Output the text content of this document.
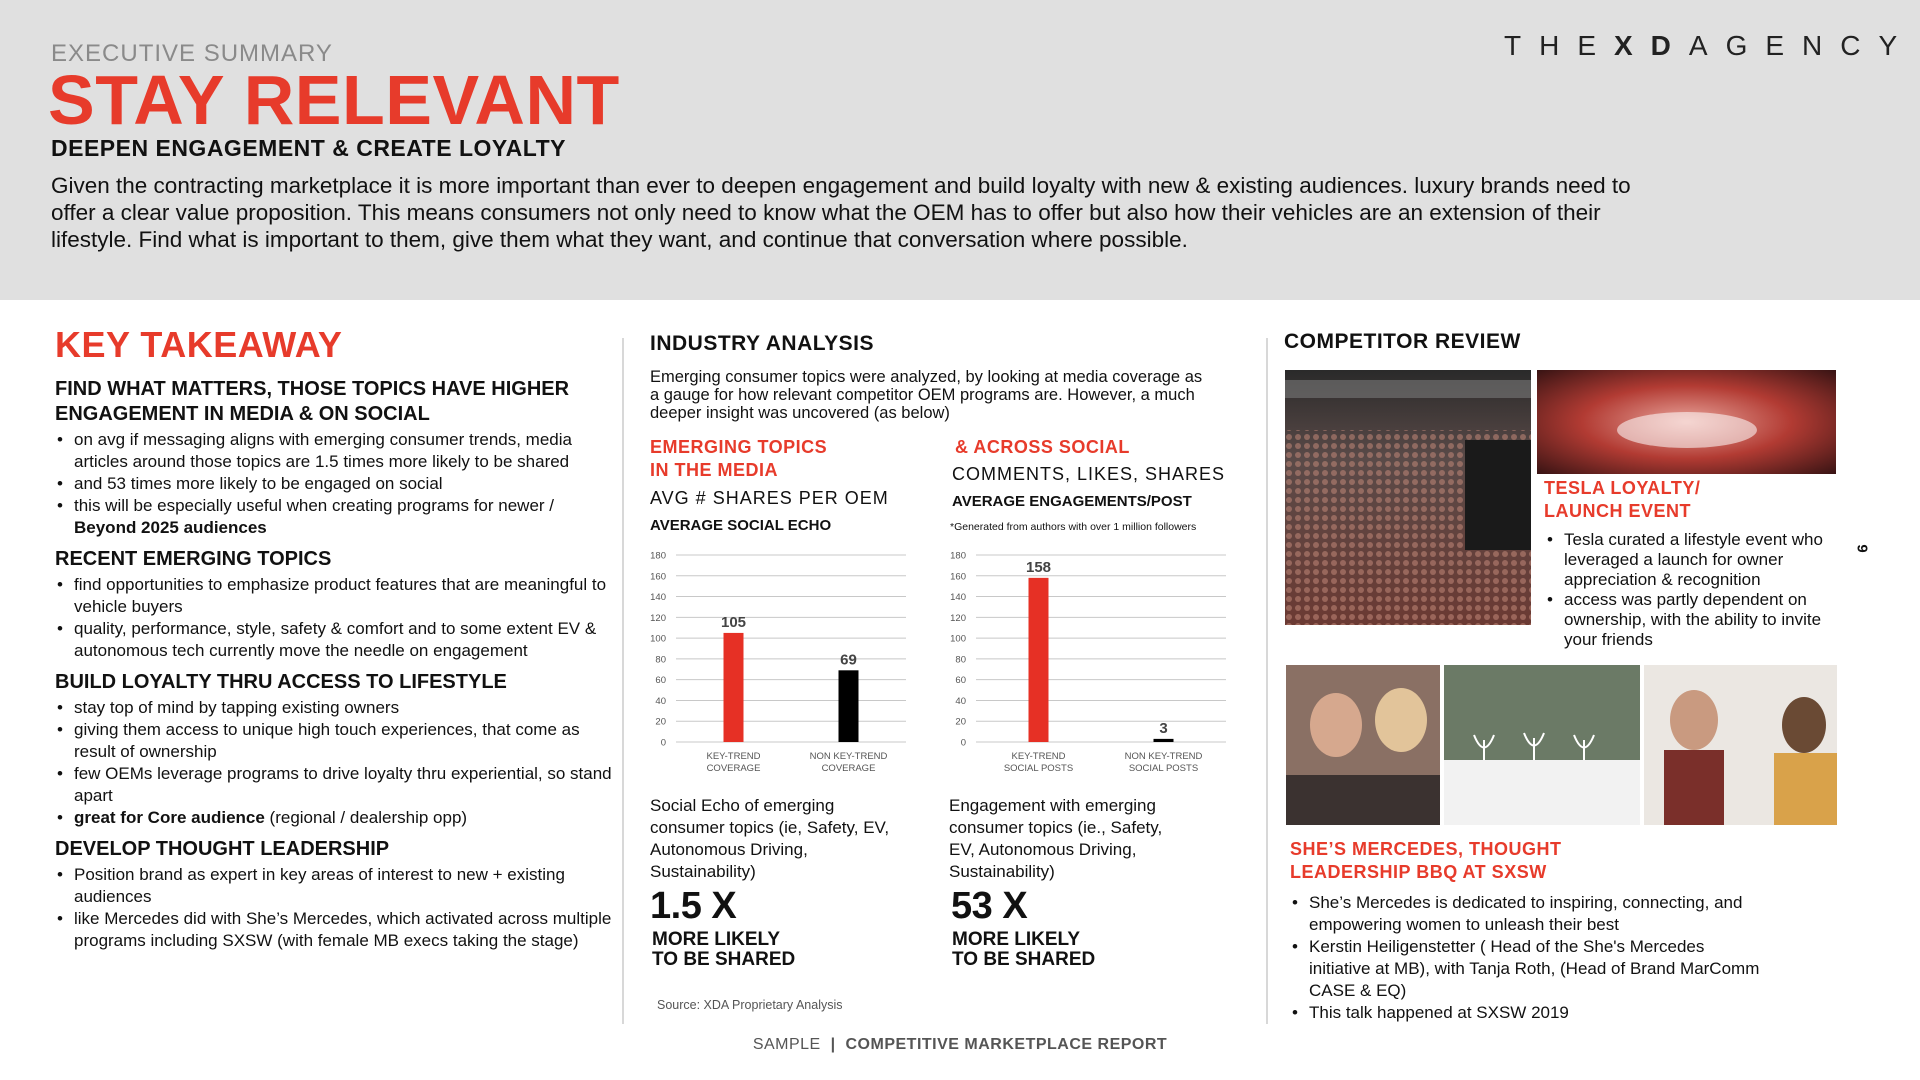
EXECUTIVE SUMMARY
STAY RELEVANT
DEEPEN ENGAGEMENT & CREATE LOYALTY
Given the contracting marketplace it is more important than ever to deepen engagement and build loyalty with new & existing audiences. luxury brands need to offer a clear value proposition. This means consumers not only need to know what the OEM has to offer but also how their vehicles are an extension of their lifestyle. Find what is important to them, give them what they want, and continue that conversation where possible.
THEXDAGENCY
9
KEY TAKEAWAY
FIND WHAT MATTERS, THOSE TOPICS HAVE HIGHER ENGAGEMENT IN MEDIA & ON SOCIAL
• on avg if messaging aligns with emerging consumer trends, media articles around those topics are 1.5 times more likely to be shared
• and 53 times more likely to be engaged on social
• this will be especially useful when creating programs for newer / Beyond 2025 audiences
RECENT EMERGING TOPICS
• find opportunities to emphasize product features that are meaningful to vehicle buyers
• quality, performance, style, safety & comfort and to some extent EV & autonomous tech currently move the needle on engagement
BUILD LOYALTY THRU ACCESS TO LIFESTYLE
• stay top of mind by tapping existing owners
• giving them access to unique high touch experiences, that come as result of ownership
• few OEMs leverage programs to drive loyalty thru experiential, so stand apart
• great for Core audience (regional / dealership opp)
DEVELOP THOUGHT LEADERSHIP
• Position brand as expert in key areas of interest to new + existing audiences
• like Mercedes did with She’s Mercedes, which activated across multiple programs including SXSW (with female MB execs taking the stage)
INDUSTRY ANALYSIS
Emerging consumer topics were analyzed, by looking at media coverage as a gauge for how relevant competitor OEM programs are. However, a much deeper insight was uncovered (as below)
EMERGING TOPICS
IN THE MEDIA
AVG # SHARES PER OEM
AVERAGE SOCIAL ECHO
& ACROSS SOCIAL
COMMENTS, LIKES, SHARES
AVERAGE ENGAGEMENTS/POST
*Generated from authors with over 1 million followers
0
20
40
60
80
100
120
140
160
180
105
KEY-TREND
COVERAGE
69
NON KEY-TREND
COVERAGE
0
20
40
60
80
100
120
140
160
180
158
KEY-TREND
SOCIAL POSTS
3
NON KEY-TREND
SOCIAL POSTS
Social Echo of emerging consumer topics (ie, Safety, EV, Autonomous Driving, Sustainability)
Engagement with emerging consumer topics (ie., Safety, EV, Autonomous Driving, Sustainability)
1.5 X
MORE LIKELY
TO BE SHARED
53 X
MORE LIKELY
TO BE SHARED
Source: XDA Proprietary Analysis
COMPETITOR REVIEW
TESLA LOYALTY/
LAUNCH EVENT
• Tesla curated a lifestyle event who leveraged a launch for owner appreciation & recognition
• access was partly dependent on ownership, with the ability to invite your friends
SHE’S MERCEDES, THOUGHT
LEADERSHIP BBQ AT SXSW
• She’s Mercedes is dedicated to inspiring, connecting, and empowering women to unleash their best
• Kerstin Heiligenstetter ( Head of the She's Mercedes initiative at MB), with Tanja Roth, (Head of Brand MarComm CASE & EQ)
• This talk happened at SXSW 2019
SAMPLE | COMPETITIVE MARKETPLACE REPORT
